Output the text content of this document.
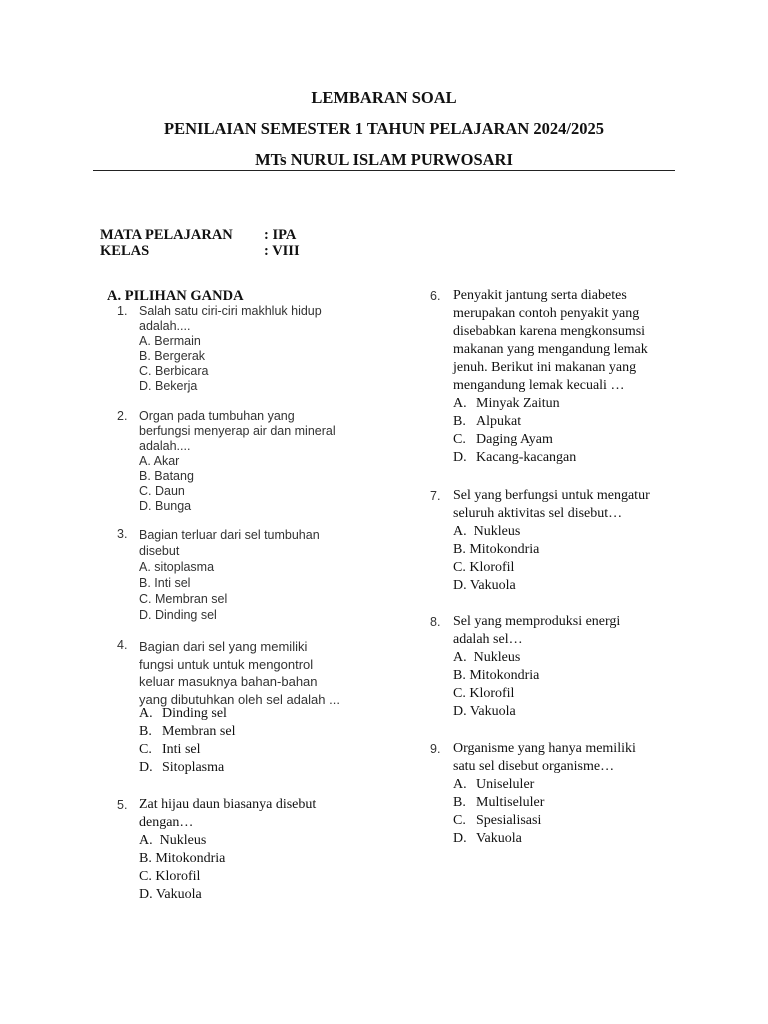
LEMBARAN SOAL
PENILAIAN SEMESTER 1 TAHUN PELAJARAN 2024/2025
MTs NURUL ISLAM PURWOSARI
MATA PELAJARAN : IPA
KELAS	: VIII
A. PILIHAN GANDA
1. Salah satu ciri-ciri makhluk hidup
adalah....
A. Bermain
B. Bergerak
C. Berbicara
D. Bekerja
2. Organ pada tumbuhan yang
berfungsi menyerap air dan mineral
adalah....
A. Akar
B. Batang
C. Daun
D. Bunga
3. Bagian terluar dari sel tumbuhan
disebut
A. sitoplasma
B. Inti sel
C. Membran sel
D. Dinding sel
4. Bagian dari sel yang memiliki
fungsi untuk untuk mengontrol
keluar masuknya bahan-bahan
yang dibutuhkan oleh sel adalah ...
A. Dinding sel
B. Membran sel
C. Inti sel
D. Sitoplasma
5. Zat hijau daun biasanya disebut
dengan…
A. Nukleus
B. Mitokondria
C. Klorofil
D. Vakuola
6. Penyakit jantung serta diabetes
merupakan contoh penyakit yang
disebabkan karena mengkonsumsi
makanan yang mengandung lemak
jenuh. Berikut ini makanan yang
mengandung lemak kecuali …
A. Minyak Zaitun
B. Alpukat
C. Daging Ayam
D. Kacang-kacangan
7. Sel yang berfungsi untuk mengatur
seluruh aktivitas sel disebut…
A. Nukleus
B. Mitokondria
C. Klorofil
D. Vakuola
8. Sel yang memproduksi energi
adalah sel…
A. Nukleus
B. Mitokondria
C. Klorofil
D. Vakuola
9. Organisme yang hanya memiliki
satu sel disebut organisme…
A. Uniseluler
B. Multiseluler
C. Spesialisasi
D. Vakuola
